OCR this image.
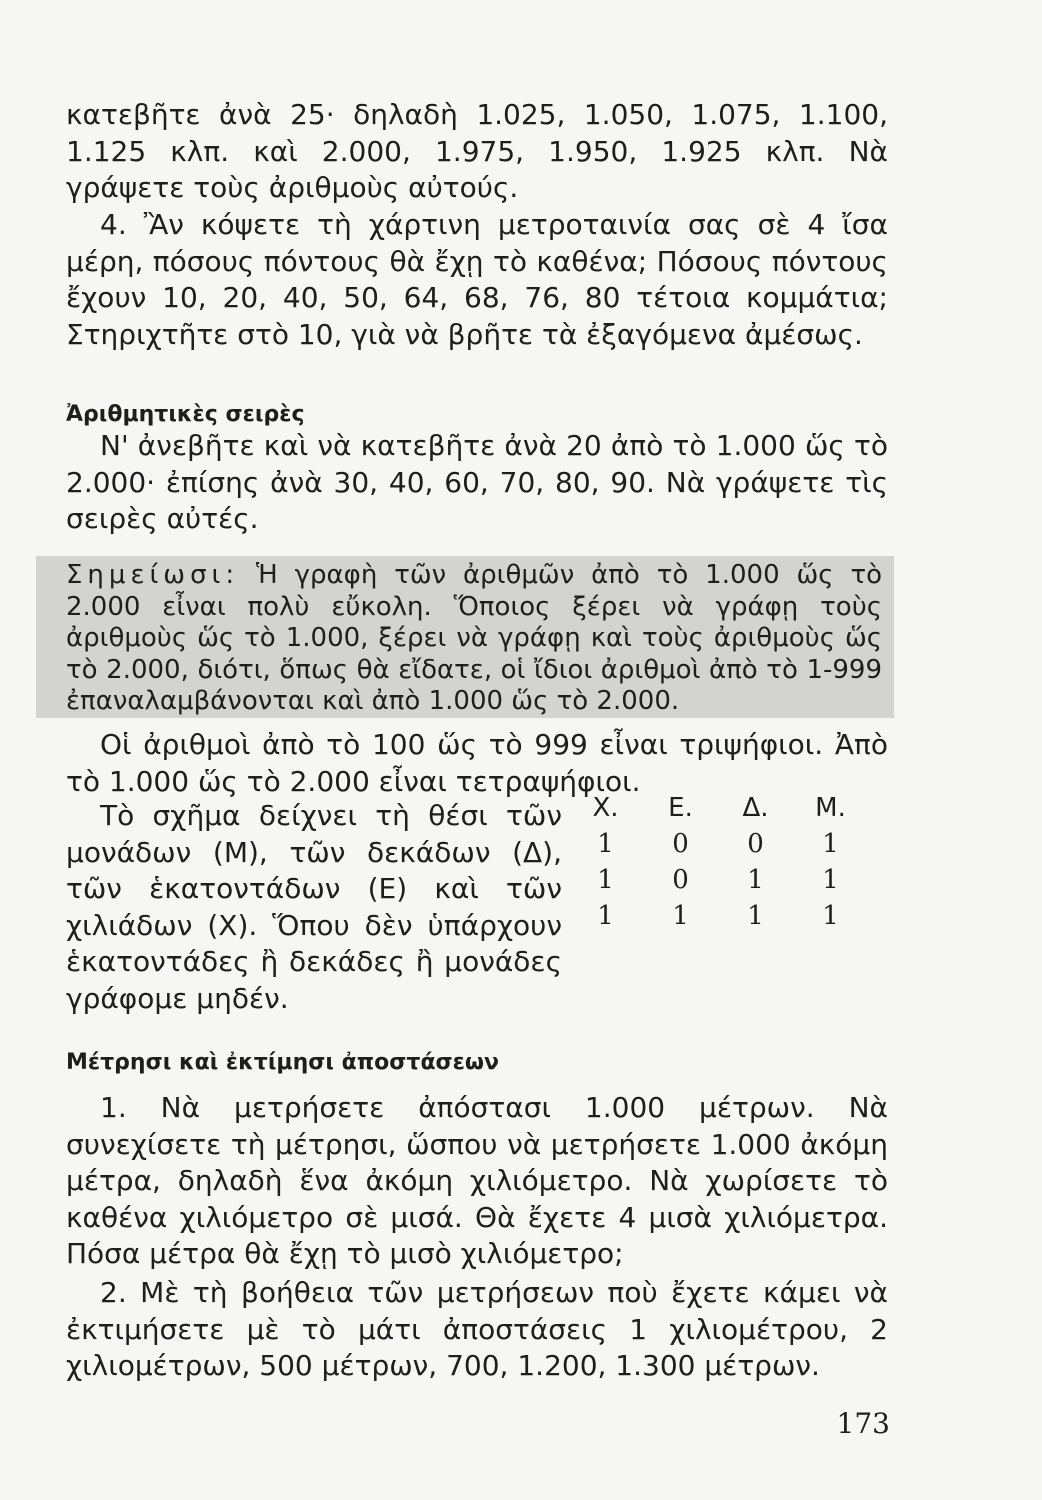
κατεβῆτε ἀνὰ 25· δηλαδὴ 1.025, 1.050, 1.075, 1.100, 1.125 κλπ. καὶ 2.000, 1.975, 1.950, 1.925 κλπ. Νὰ γράψετε τοὺς ἀριθμοὺς αὐτούς.

4. Ἂν κόψετε τὴ χάρτινη μετροταινία σας σὲ 4 ἴσα μέρη, πόσους πόντους θὰ ἔχῃ τὸ καθένα; Πόσους πόντους ἔχουν 10, 20, 40, 50, 64, 68, 76, 80 τέτοια κομμάτια; Στηριχτῆτε στὸ 10, γιὰ νὰ βρῆτε τὰ ἐξαγόμενα ἀμέσως.

Ἀριθμητικὲς σειρὲς

Ν' ἀνεβῆτε καὶ νὰ κατεβῆτε ἀνὰ 20 ἀπὸ τὸ 1.000 ὥς τὸ 2.000· ἐπίσης ἀνὰ 30, 40, 60, 70, 80, 90. Νὰ γράψετε τὶς σειρὲς αὐτές.

Σημείωσι: Ἡ γραφὴ τῶν ἀριθμῶν ἀπὸ τὸ 1.000 ὥς τὸ 2.000 εἶναι πολὺ εὔκολη. Ὅποιος ξέρει νὰ γράφῃ τοὺς ἀριθμοὺς ὥς τὸ 1.000, ξέρει νὰ γράφῃ καὶ τοὺς ἀριθμοὺς ὥς τὸ 2.000, διότι, ὅπως θὰ εἴδατε, οἱ ἴδιοι ἀριθμοὶ ἀπὸ τὸ 1-999 ἐπαναλαμβάνονται καὶ ἀπὸ 1.000 ὥς τὸ 2.000.

Οἱ ἀριθμοὶ ἀπὸ τὸ 100 ὥς τὸ 999 εἶναι τριψήφιοι. Ἀπὸ τὸ 1.000 ὥς τὸ 2.000 εἶναι τετραψήφιοι.

Τὸ σχῆμα δείχνει τὴ θέσι τῶν μονάδων (Μ), τῶν δεκάδων (Δ), τῶν ἑκατοντάδων (Ε) καὶ τῶν χιλιάδων (Χ). Ὅπου δὲν ὑπάρχουν ἑκατοντάδες ἢ δεκάδες ἢ μονάδες γράφομε μηδέν.

Χ.	Ε.	Δ.	Μ.
1	0	0	1
1	0	1	1
1	1	1	1
Μέτρησι καὶ ἐκτίμησι ἀποστάσεων

1. Νὰ μετρήσετε ἀπόστασι 1.000 μέτρων. Νὰ συνεχίσετε τὴ μέτρησι, ὥσπου νὰ μετρήσετε 1.000 ἀκόμη μέτρα, δηλαδὴ ἕνα ἀκόμη χιλιόμετρο. Νὰ χωρίσετε τὸ καθένα χιλιόμετρο σὲ μισά. Θὰ ἔχετε 4 μισὰ χιλιόμετρα. Πόσα μέτρα θὰ ἔχῃ τὸ μισὸ χιλιόμετρο;

2. Μὲ τὴ βοήθεια τῶν μετρήσεων ποὺ ἔχετε κάμει νὰ ἐκτιμήσετε μὲ τὸ μάτι ἀποστάσεις 1 χιλιομέτρου, 2 χιλιομέτρων, 500 μέτρων, 700, 1.200, 1.300 μέτρων.

173
